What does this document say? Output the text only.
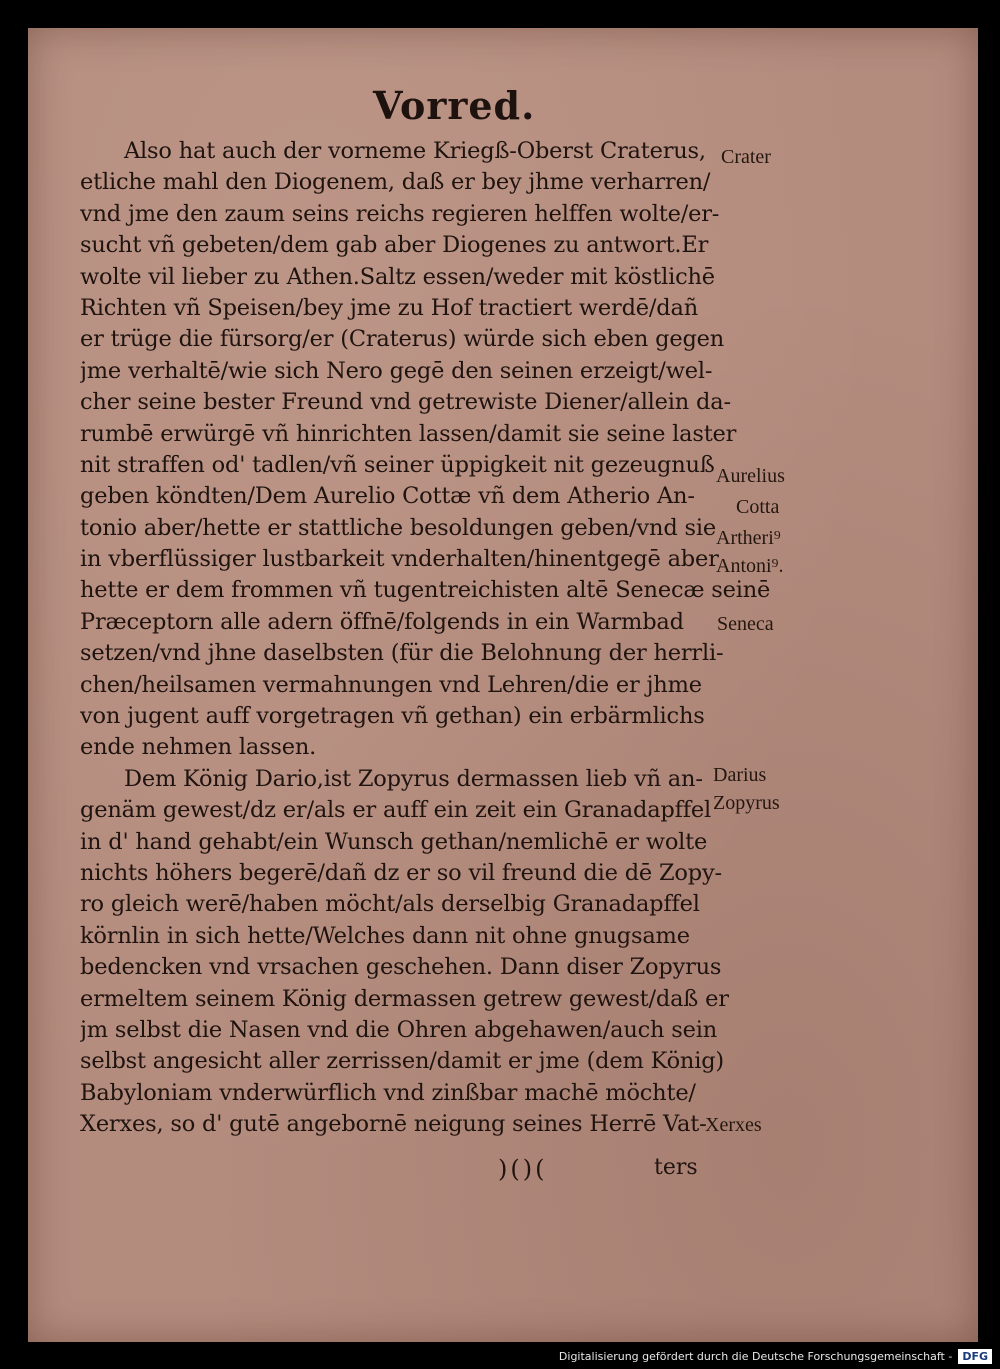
Vorred.
Also hat auch der vorneme Kriegß-Oberst Craterus,
etliche mahl den Diogenem, daß er bey jhme verharren/
vnd jme den zaum seins reichs regieren helffen wolte/er-
sucht vñ gebeten/dem gab aber Diogenes zu antwort.Er
wolte vil lieber zu Athen.Saltz essen/weder mit köstlichē
Richten vñ Speisen/bey jme zu Hof tractiert werdē/dañ
er trüge die fürsorg/er (Craterus) würde sich eben gegen
jme verhaltē/wie sich Nero gegē den seinen erzeigt/wel-
cher seine bester Freund vnd getrewiste Diener/allein da-
rumbē erwürgē vñ hinrichten lassen/damit sie seine laster
nit straffen od' tadlen/vñ seiner üppigkeit nit gezeugnuß
geben köndten/Dem Aurelio Cottæ vñ dem Atherio An-
tonio aber/hette er stattliche besoldungen geben/vnd sie
in vberflüssiger lustbarkeit vnderhalten/hinentgegē aber
hette er dem frommen vñ tugentreichisten altē Senecæ seinē
Præceptorn alle adern öffnē/folgends in ein Warmbad
setzen/vnd jhne daselbsten (für die Belohnung der herrli-
chen/heilsamen vermahnungen vnd Lehren/die er jhme
von jugent auff vorgetragen vñ gethan) ein erbärmlichs
ende nehmen lassen.
Dem König Dario,ist Zopyrus dermassen lieb vñ an-
genäm gewest/dz er/als er auff ein zeit ein Granadapffel
in d' hand gehabt/ein Wunsch gethan/nemlichē er wolte
nichts höhers begerē/dañ dz er so vil freund die dē Zopy-
ro gleich werē/haben möcht/als derselbig Granadapffel
körnlin in sich hette/Welches dann nit ohne gnugsame
bedencken vnd vrsachen geschehen. Dann diser Zopyrus
ermeltem seinem König dermassen getrew gewest/daß er
jm selbst die Nasen vnd die Ohren abgehawen/auch sein
selbst angesicht aller zerrissen/damit er jme (dem König)
Babyloniam vnderwürflich vnd zinßbar machē möchte/
Xerxes, so d' gutē angebornē neigung seines Herrē Vat-

Crater

Aurelius

Cotta

Artheri⁹

Antoni⁹.

Seneca

Darius

Zopyrus

Xerxes

)()(	ters
Digitalisierung gefördert durch die Deutsche Forschungsgemeinschaft - DFG
